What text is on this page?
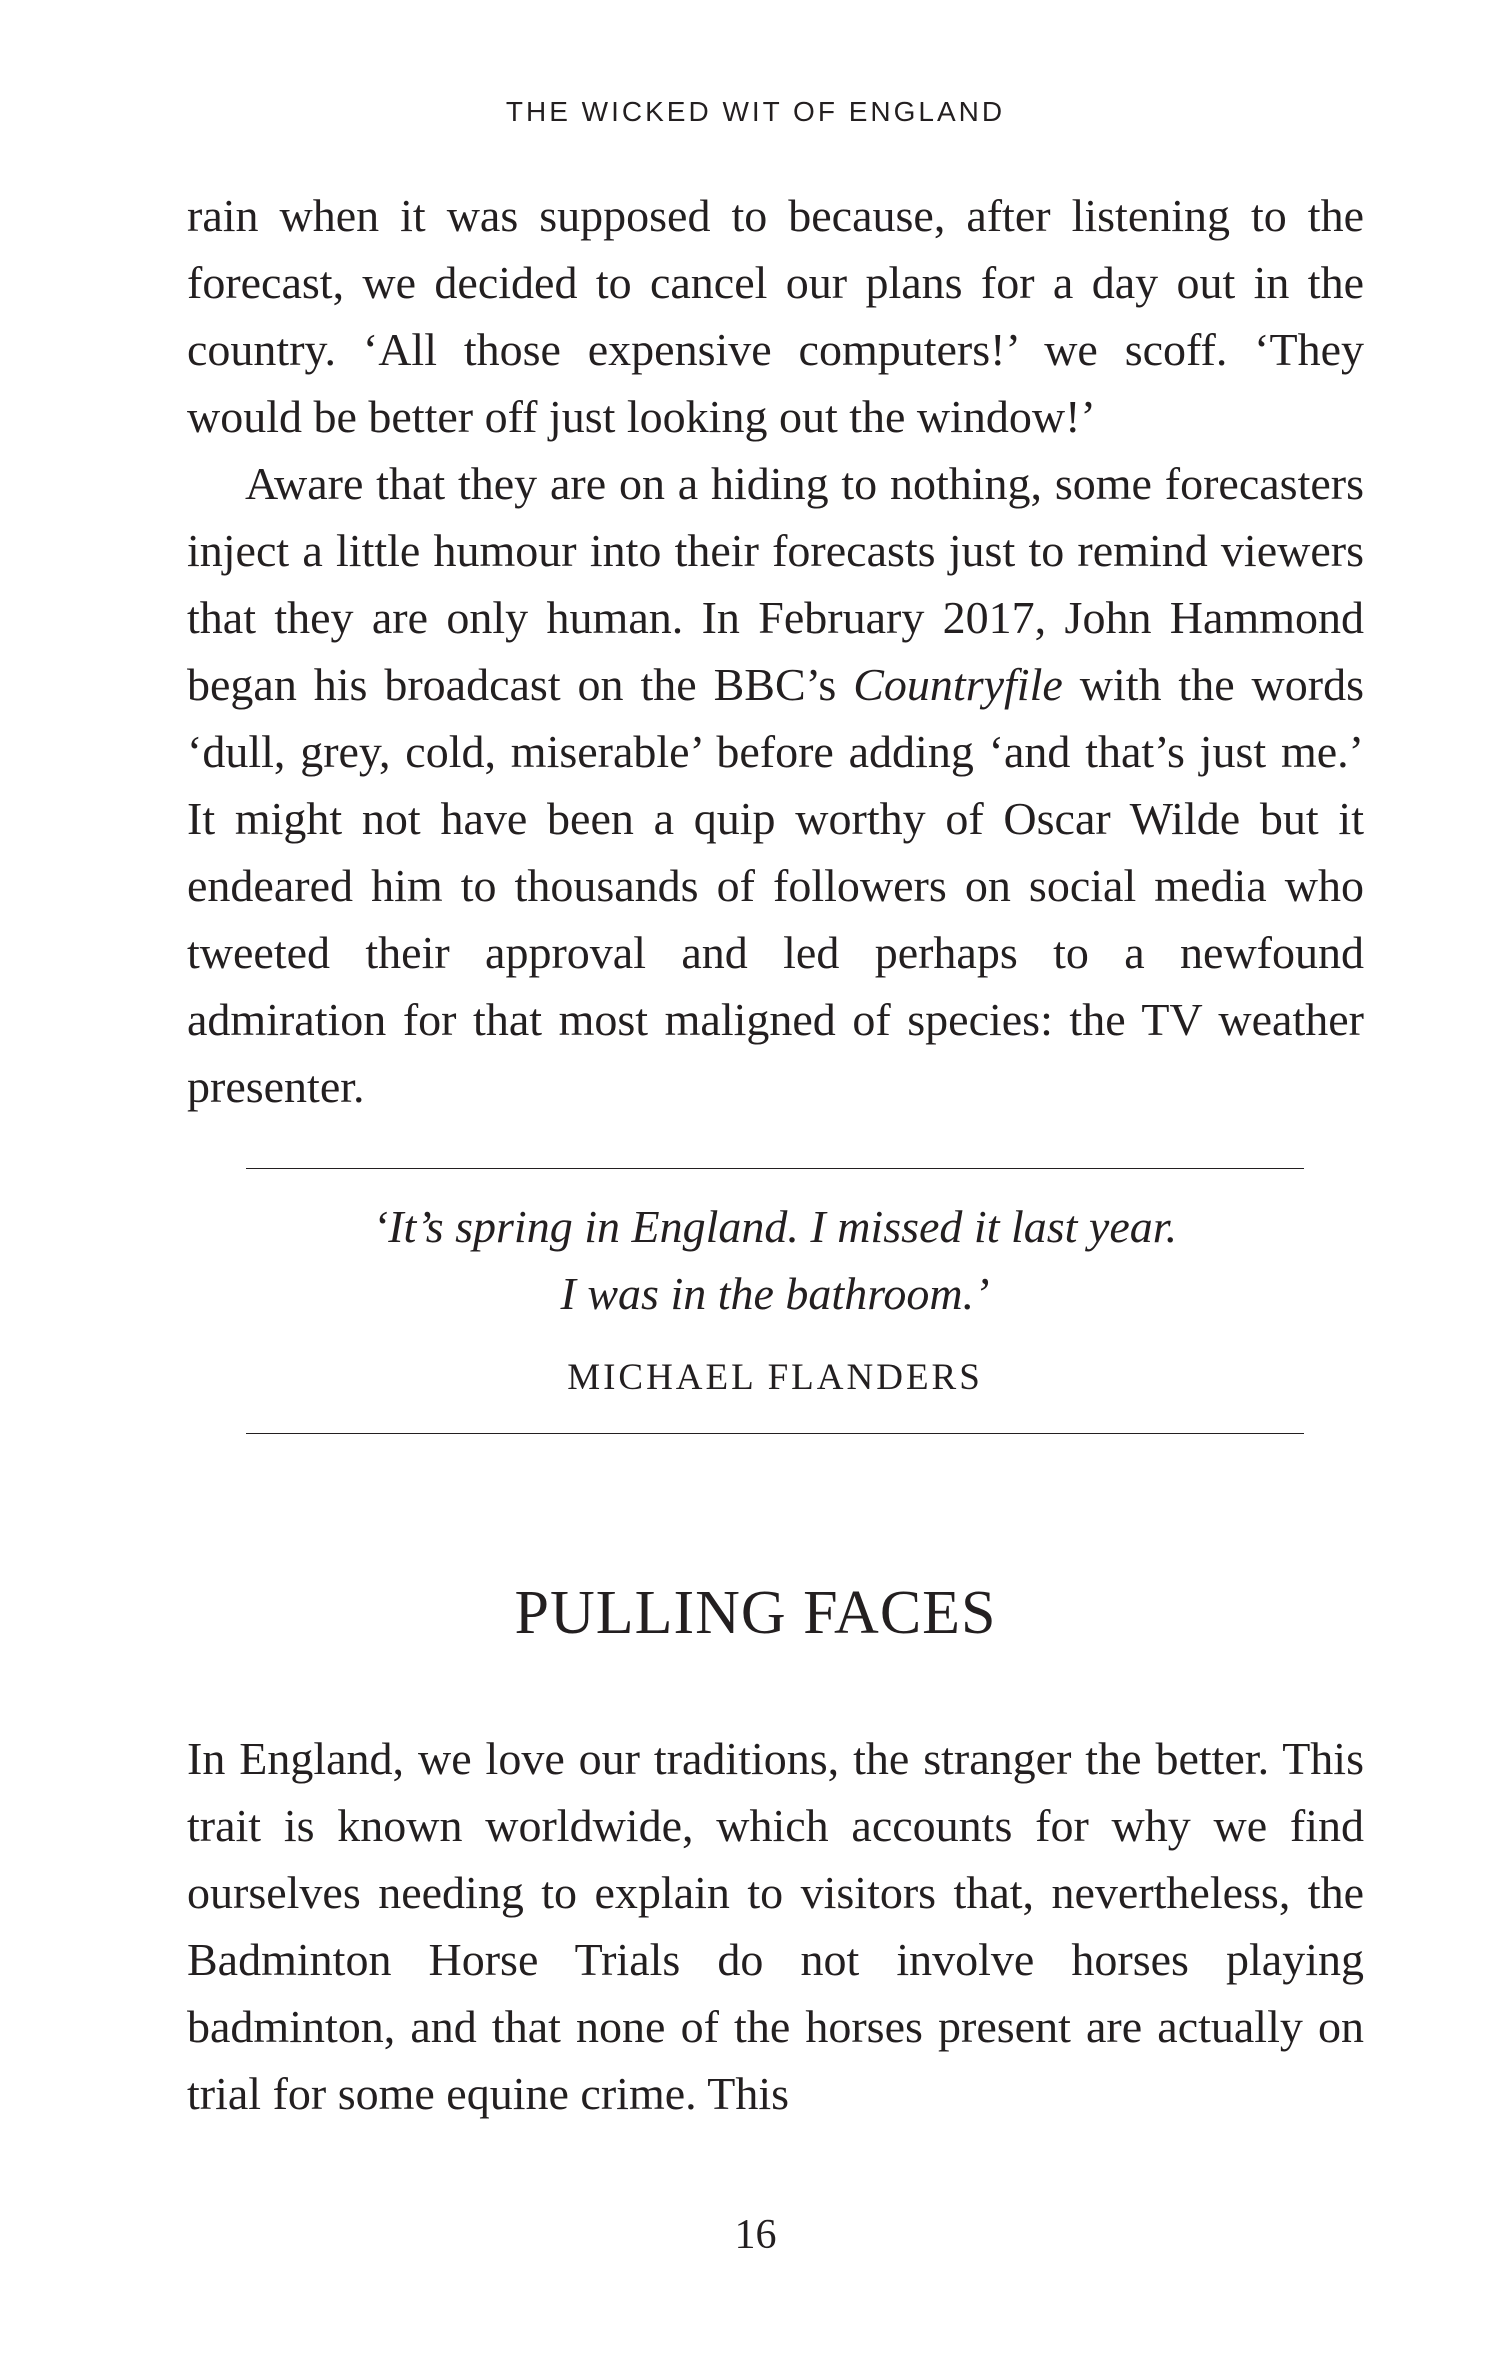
THE WICKED WIT OF ENGLAND

rain when it was supposed to because, after listening to the forecast, we decided to cancel our plans for a day out in the country. ‘All those expensive computers!’ we scoff. ‘They would be better off just looking out the window!’

Aware that they are on a hiding to nothing, some forecasters inject a little humour into their forecasts just to remind viewers that they are only human. In February 2017, John Hammond began his broadcast on the BBC’s Countryfile with the words ‘dull, grey, cold, miserable’ before adding ‘and that’s just me.’ It might not have been a quip worthy of Oscar Wilde but it endeared him to thousands of followers on social media who tweeted their approval and led perhaps to a newfound admiration for that most maligned of species: the TV weather presenter.

‘It’s spring in England. I missed it last year.
I was in the bathroom.’
MICHAEL FLANDERS
PULLING FACES

In England, we love our traditions, the stranger the better. This trait is known worldwide, which accounts for why we find ourselves needing to explain to visitors that, nevertheless, the Badminton Horse Trials do not involve horses playing badminton, and that none of the horses present are actually on trial for some equine crime. This

16
